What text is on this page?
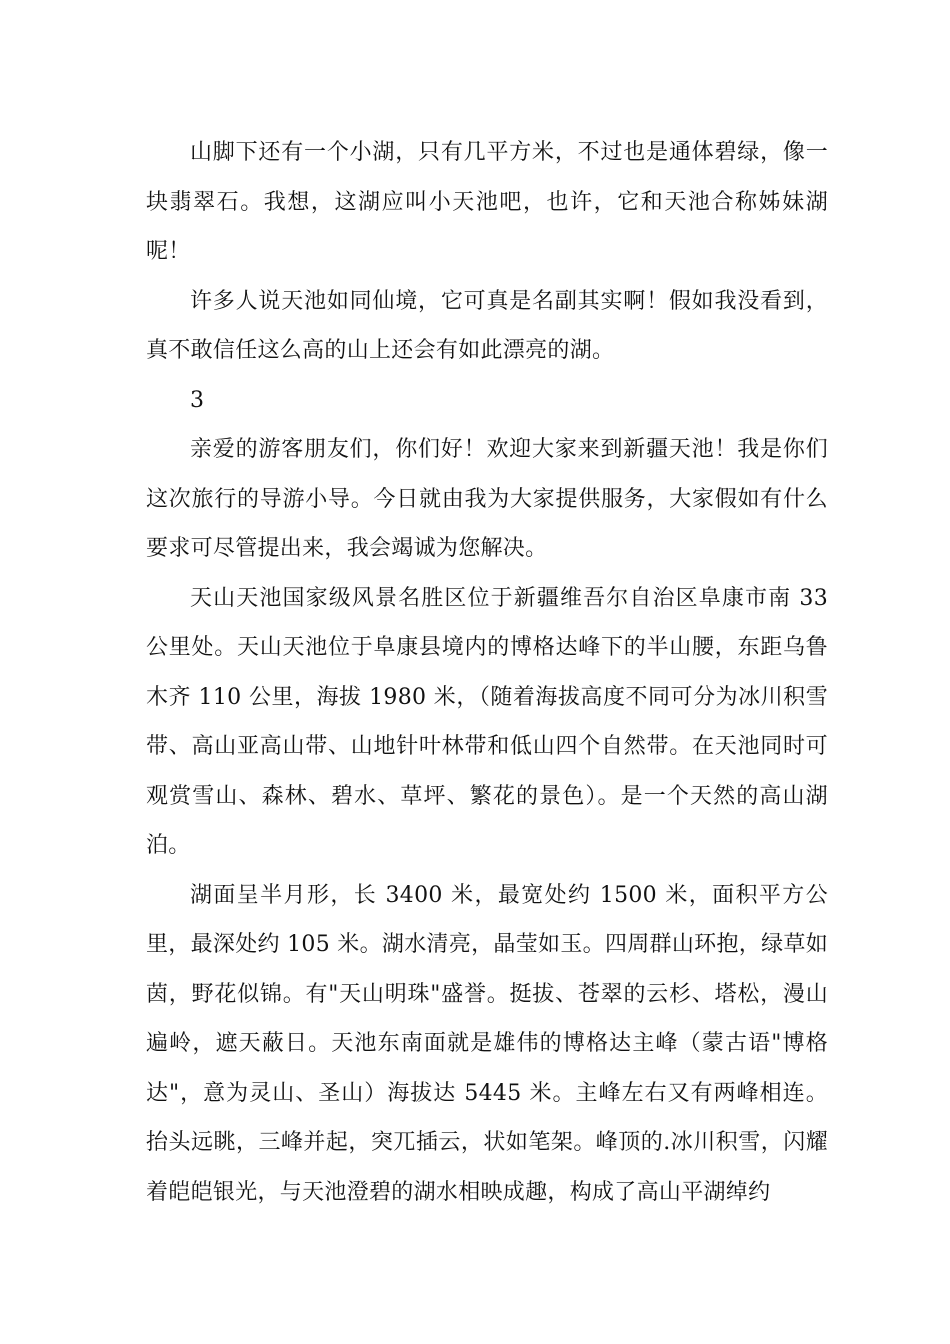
山脚下还有一个小湖，只有几平方米，不过也是通体碧绿，像一块翡翠石。我想，这湖应叫小天池吧，也许，它和天池合称姊妹湖呢！

许多人说天池如同仙境，它可真是名副其实啊！假如我没看到，真不敢信任这么高的山上还会有如此漂亮的湖。

3

亲爱的游客朋友们，你们好！欢迎大家来到新疆天池！我是你们这次旅行的导游小导。今日就由我为大家提供服务，大家假如有什么要求可尽管提出来，我会竭诚为您解决。

天山天池国家级风景名胜区位于新疆维吾尔自治区阜康市南 33 公里处。天山天池位于阜康县境内的博格达峰下的半山腰，东距乌鲁木齐 110 公里，海拔 1980 米，（随着海拔高度不同可分为冰川积雪带、高山亚高山带、山地针叶林带和低山四个自然带。在天池同时可观赏雪山、森林、碧水、草坪、繁花的景色）。是一个天然的高山湖泊。

湖面呈半月形，长 3400 米，最宽处约 1500 米，面积平方公里，最深处约 105 米。湖水清亮，晶莹如玉。四周群山环抱，绿草如茵，野花似锦。有"天山明珠"盛誉。挺拔、苍翠的云杉、塔松，漫山遍岭，遮天蔽日。天池东南面就是雄伟的博格达主峰（蒙古语"博格达"，意为灵山、圣山）海拔达 5445 米。主峰左右又有两峰相连。抬头远眺，三峰并起，突兀插云，状如笔架。峰顶的.冰川积雪，闪耀着皑皑银光，与天池澄碧的湖水相映成趣，构成了高山平湖绰约
